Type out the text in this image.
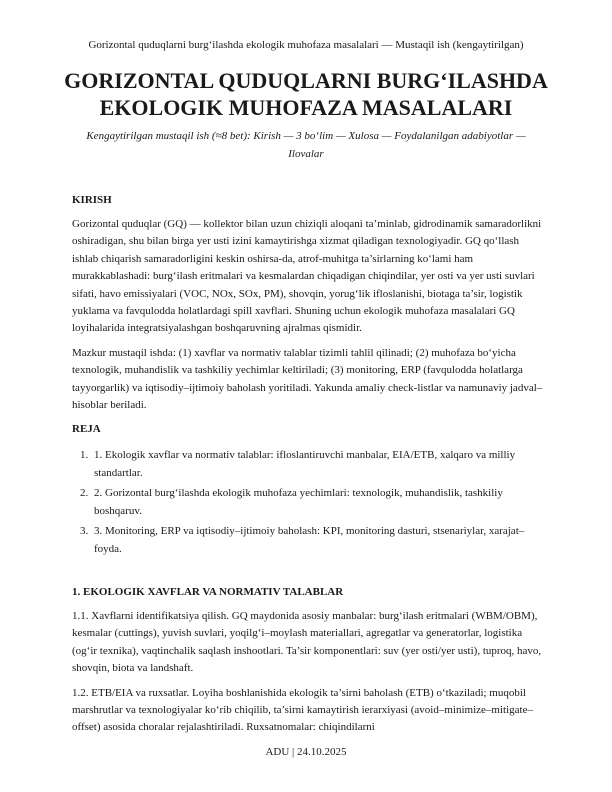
Gorizontal quduqlarni burg‘ilashda ekologik muhofaza masalalari — Mustaqil ish (kengaytirilgan)
GORIZONTAL QUDUQLARNI BURG‘ILASHDA EKOLOGIK MUHOFAZA MASALALARI

Kengaytirilgan mustaqil ish (≈8 bet): Kirish — 3 bo‘lim — Xulosa — Foydalanilgan adabiyotlar — Ilovalar

KIRISH

Gorizontal quduqlar (GQ) — kollektor bilan uzun chiziqli aloqani ta’minlab, gidrodinamik samaradorlikni oshiradigan, shu bilan birga yer usti izini kamaytirishga xizmat qiladigan texnologiyadir. GQ qo‘llash ishlab chiqarish samaradorligini keskin oshirsa-da, atrof-muhitga ta’sirlarning ko‘lami ham murakkablashadi: burg‘ilash eritmalari va kesmalardan chiqadigan chiqindilar, yer osti va yer usti suvlari sifati, havo emissiyalari (VOC, NOx, SOx, PM), shovqin, yorug‘lik ifloslanishi, biotaga ta’sir, logistik yuklama va favqulodda holatlardagi spill xavflari. Shuning uchun ekologik muhofaza masalalari GQ loyihalarida integratsiyalashgan boshqaruvning ajralmas qismidir.

Mazkur mustaqil ishda: (1) xavflar va normativ talablar tizimli tahlil qilinadi; (2) muhofaza bo‘yicha texnologik, muhandislik va tashkiliy yechimlar keltiriladi; (3) monitoring, ERP (favqulodda holatlarga tayyorgarlik) va iqtisodiy–ijtimoiy baholash yoritiladi. Yakunda amaliy check-listlar va namunaviy jadval–hisoblar beriladi.

REJA
1. 1. Ekologik xavflar va normativ talablar: ifloslantiruvchi manbalar, EIA/ETB, xalqaro va milliy standartlar.
2. 2. Gorizontal burg‘ilashda ekologik muhofaza yechimlari: texnologik, muhandislik, tashkiliy boshqaruv.
3. 3. Monitoring, ERP va iqtisodiy–ijtimoiy baholash: KPI, monitoring dasturi, stsenariylar, xarajat–foyda.
1. EKOLOGIK XAVFLAR VA NORMATIV TALABLAR

1.1. Xavflarni identifikatsiya qilish. GQ maydonida asosiy manbalar: burg‘ilash eritmalari (WBM/OBM), kesmalar (cuttings), yuvish suvlari, yoqilg‘i–moylash materiallari, agregatlar va generatorlar, logistika (og‘ir texnika), vaqtinchalik saqlash inshootlari. Ta’sir komponentlari: suv (yer osti/yer usti), tuproq, havo, shovqin, biota va landshaft.

1.2. ETB/EIA va ruxsatlar. Loyiha boshlanishida ekologik ta’sirni baholash (ETB) o‘tkaziladi; muqobil marshrutlar va texnologiyalar ko‘rib chiqilib, ta’sirni kamaytirish ierarxiyasi (avoid–minimize–mitigate–offset) asosida choralar rejalashtiriladi. Ruxsatnomalar: chiqindilarni

ADU | 24.10.2025
